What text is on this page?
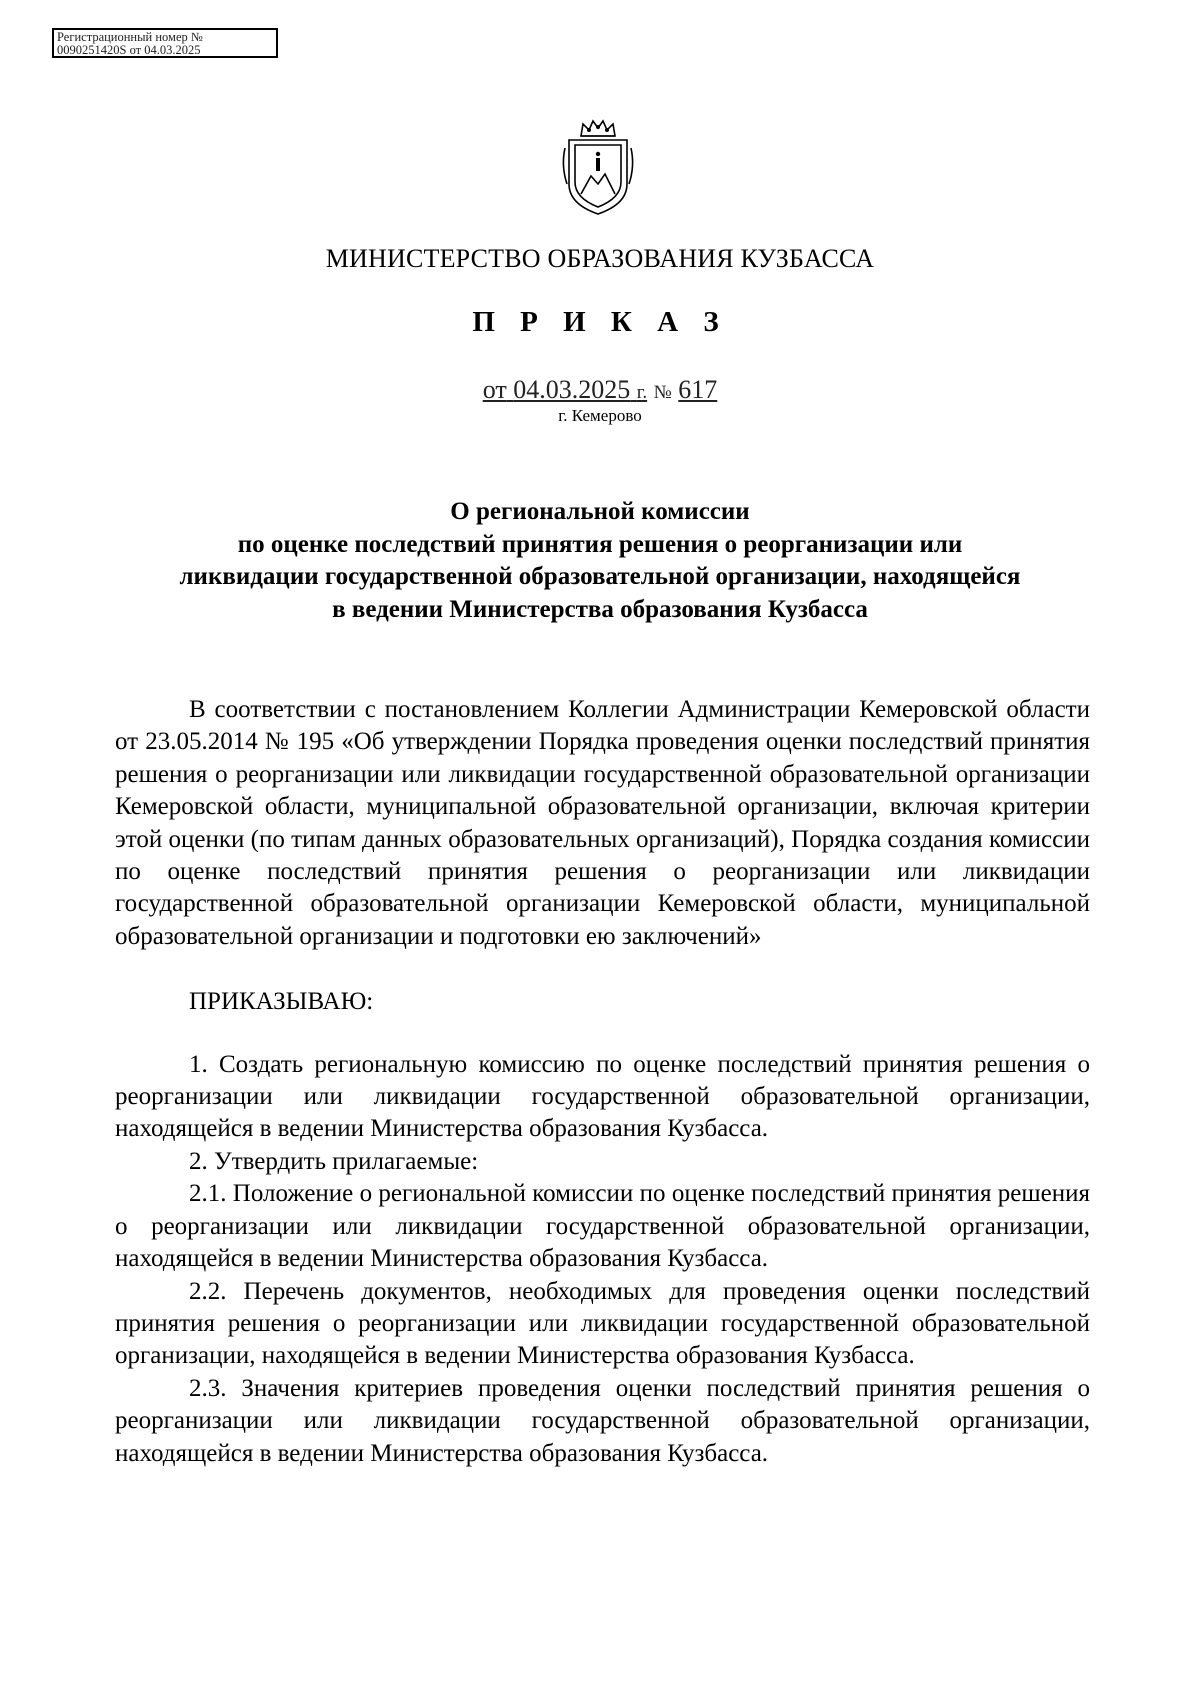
Регистрационный номер №
0090251420S от 04.03.2025
МИНИСТЕРСТВО ОБРАЗОВАНИЯ КУЗБАССА
П Р И К А З
от 04.03.2025 г. № 617
г. Кемерово
О региональной комиссии
по оценке последствий принятия решения о реорганизации или
ликвидации государственной образовательной организации, находящейся
в ведении Министерства образования Кузбасса

В соответствии с постановлением Коллегии Администрации Кемеровской области от 23.05.2014 № 195 «Об утверждении Порядка проведения оценки последствий принятия решения о реорганизации или ликвидации государственной образовательной организации Кемеровской области, муниципальной образовательной организации, включая критерии этой оценки (по типам данных образовательных организаций), Порядка создания комиссии по оценке последствий принятия решения о реорганизации или ликвидации государственной образовательной организации Кемеровской области, муниципальной образовательной организации и подготовки ею заключений»

ПРИКАЗЫВАЮ:

1. Создать региональную комиссию по оценке последствий принятия решения о реорганизации или ликвидации государственной образовательной организации, находящейся в ведении Министерства образования Кузбасса.

2. Утвердить прилагаемые:

2.1. Положение о региональной комиссии по оценке последствий принятия решения о реорганизации или ликвидации государственной образовательной организации, находящейся в ведении Министерства образования Кузбасса.

2.2. Перечень документов, необходимых для проведения оценки последствий принятия решения о реорганизации или ликвидации государственной образовательной организации, находящейся в ведении Министерства образования Кузбасса.

2.3. Значения критериев проведения оценки последствий принятия решения о реорганизации или ликвидации государственной образовательной организации, находящейся в ведении Министерства образования Кузбасса.
